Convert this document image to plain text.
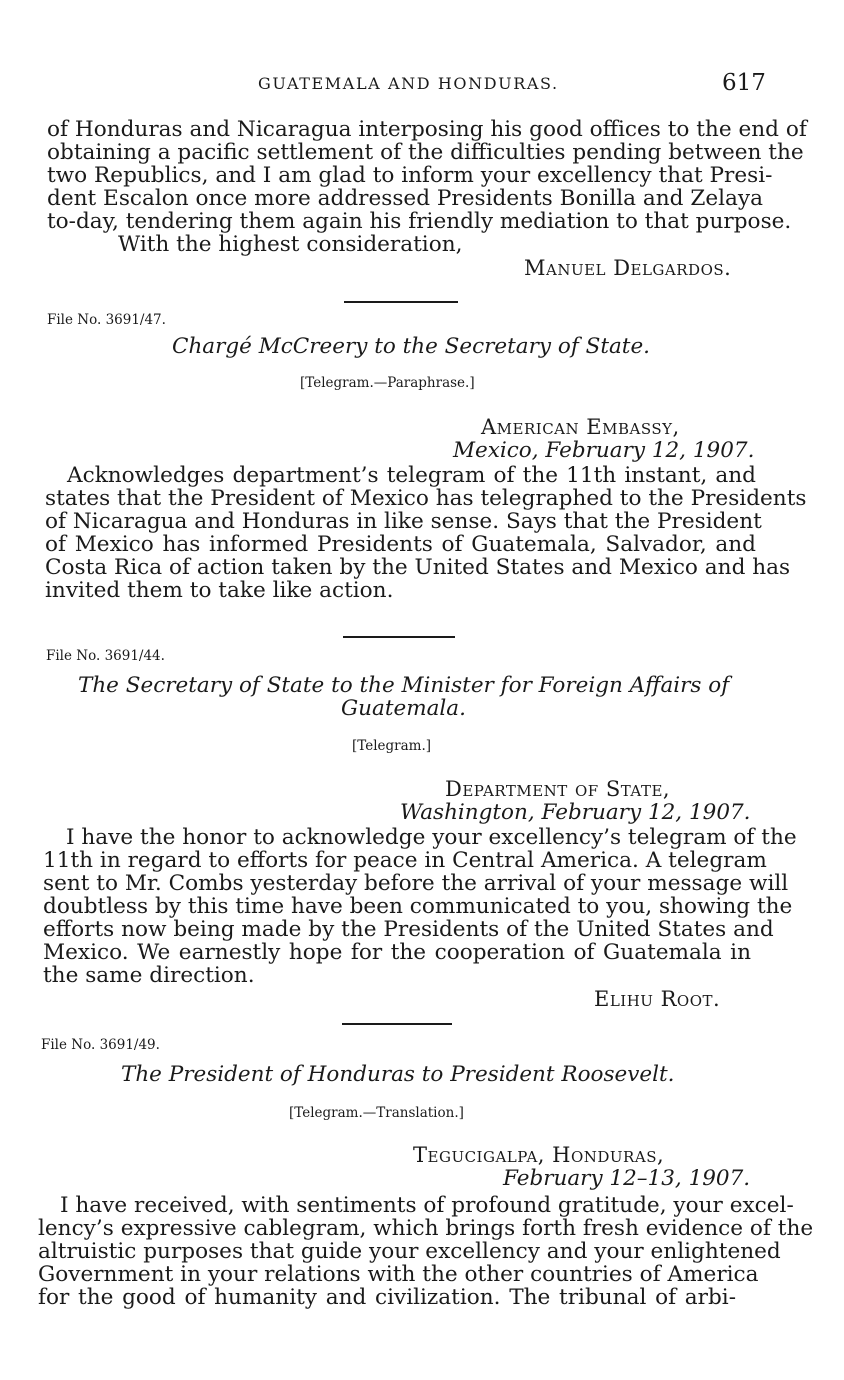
GUATEMALA AND HONDURAS.	617
of Honduras and Nicaragua interposing his good offices to the end of
obtaining a pacific settlement of the difficulties pending between the
two Republics, and I am glad to inform your excellency that Presi-
dent Escalon once more addressed Presidents Bonilla and Zelaya
to-day, tendering them again his friendly mediation to that purpose.
With the highest consideration,
Manuel Delgardos.
File No. 3691/47.
Chargé McCreery to the Secretary of State.
[Telegram.—Paraphrase.]
American Embassy,
Mexico, February 12, 1907.
Acknowledges department’s telegram of the 11th instant, and
states that the President of Mexico has telegraphed to the Presidents
of Nicaragua and Honduras in like sense. Says that the President
of Mexico has informed Presidents of Guatemala, Salvador, and
Costa Rica of action taken by the United States and Mexico and has
invited them to take like action.
File No. 3691/44.
The Secretary of State to the Minister for Foreign Affairs of
Guatemala.
[Telegram.]
Department of State,
Washington, February 12, 1907.
I have the honor to acknowledge your excellency’s telegram of the
11th in regard to efforts for peace in Central America. A telegram
sent to Mr. Combs yesterday before the arrival of your message will
doubtless by this time have been communicated to you, showing the
efforts now being made by the Presidents of the United States and
Mexico. We earnestly hope for the cooperation of Guatemala in
the same direction.
Elihu Root.
File No. 3691/49.
The President of Honduras to President Roosevelt.
[Telegram.—Translation.]
Tegucigalpa, Honduras,
February 12–13, 1907.
I have received, with sentiments of profound gratitude, your excel-
lency’s expressive cablegram, which brings forth fresh evidence of the
altruistic purposes that guide your excellency and your enlightened
Government in your relations with the other countries of America
for the good of humanity and civilization. The tribunal of arbi-
